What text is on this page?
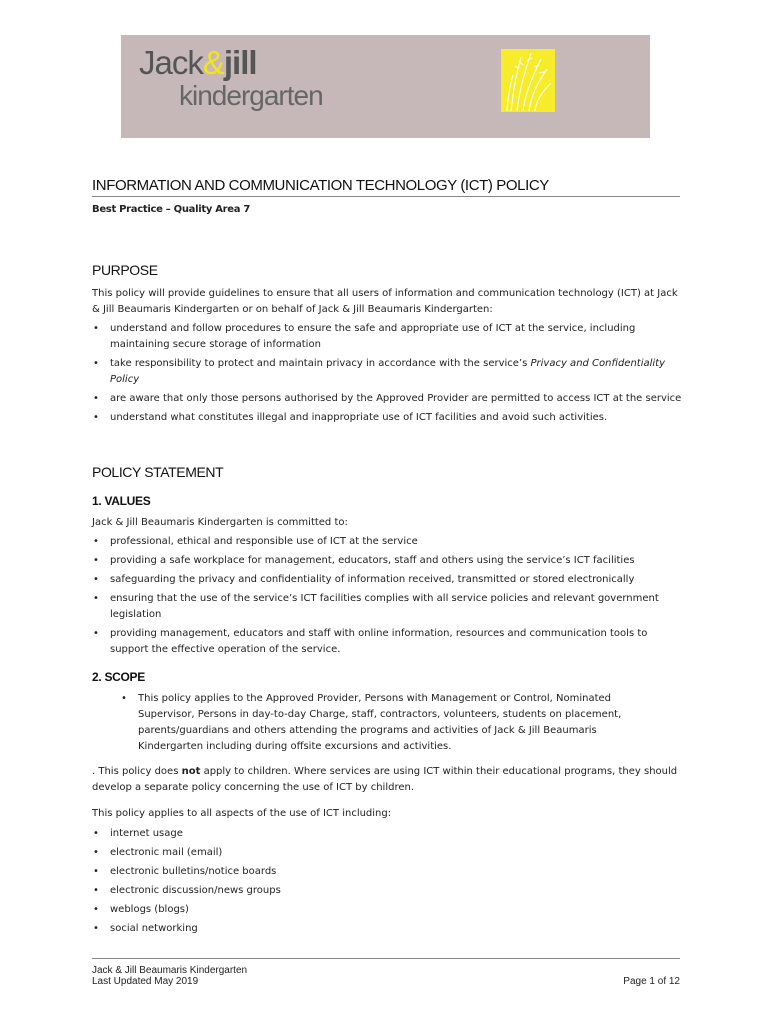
Jack&jill
kindergarten
INFORMATION AND COMMUNICATION TECHNOLOGY (ICT) POLICY
Best Practice – Quality Area 7
PURPOSE
This policy will provide guidelines to ensure that all users of information and communication technology (ICT) at Jack & Jill Beaumaris Kindergarten or on behalf of Jack & Jill Beaumaris Kindergarten:
• understand and follow procedures to ensure the safe and appropriate use of ICT at the service, including maintaining secure storage of information
• take responsibility to protect and maintain privacy in accordance with the service’s Privacy and Confidentiality Policy
• are aware that only those persons authorised by the Approved Provider are permitted to access ICT at the service
• understand what constitutes illegal and inappropriate use of ICT facilities and avoid such activities.
POLICY STATEMENT
1. VALUES
Jack & Jill Beaumaris Kindergarten is committed to:
• professional, ethical and responsible use of ICT at the service
• providing a safe workplace for management, educators, staff and others using the service’s ICT facilities
• safeguarding the privacy and confidentiality of information received, transmitted or stored electronically
• ensuring that the use of the service’s ICT facilities complies with all service policies and relevant government legislation
• providing management, educators and staff with online information, resources and communication tools to support the effective operation of the service.
2. SCOPE
• This policy applies to the Approved Provider, Persons with Management or Control, Nominated Supervisor, Persons in day-to-day Charge, staff, contractors, volunteers, students on placement, parents/guardians and others attending the programs and activities of Jack & Jill Beaumaris Kindergarten including during offsite excursions and activities.
. This policy does not apply to children. Where services are using ICT within their educational programs, they should develop a separate policy concerning the use of ICT by children.
This policy applies to all aspects of the use of ICT including:
• internet usage
• electronic mail (email)
• electronic bulletins/notice boards
• electronic discussion/news groups
• weblogs (blogs)
• social networking
Jack & Jill Beaumaris Kindergarten
Last Updated May 2019	Page 1 of 12
